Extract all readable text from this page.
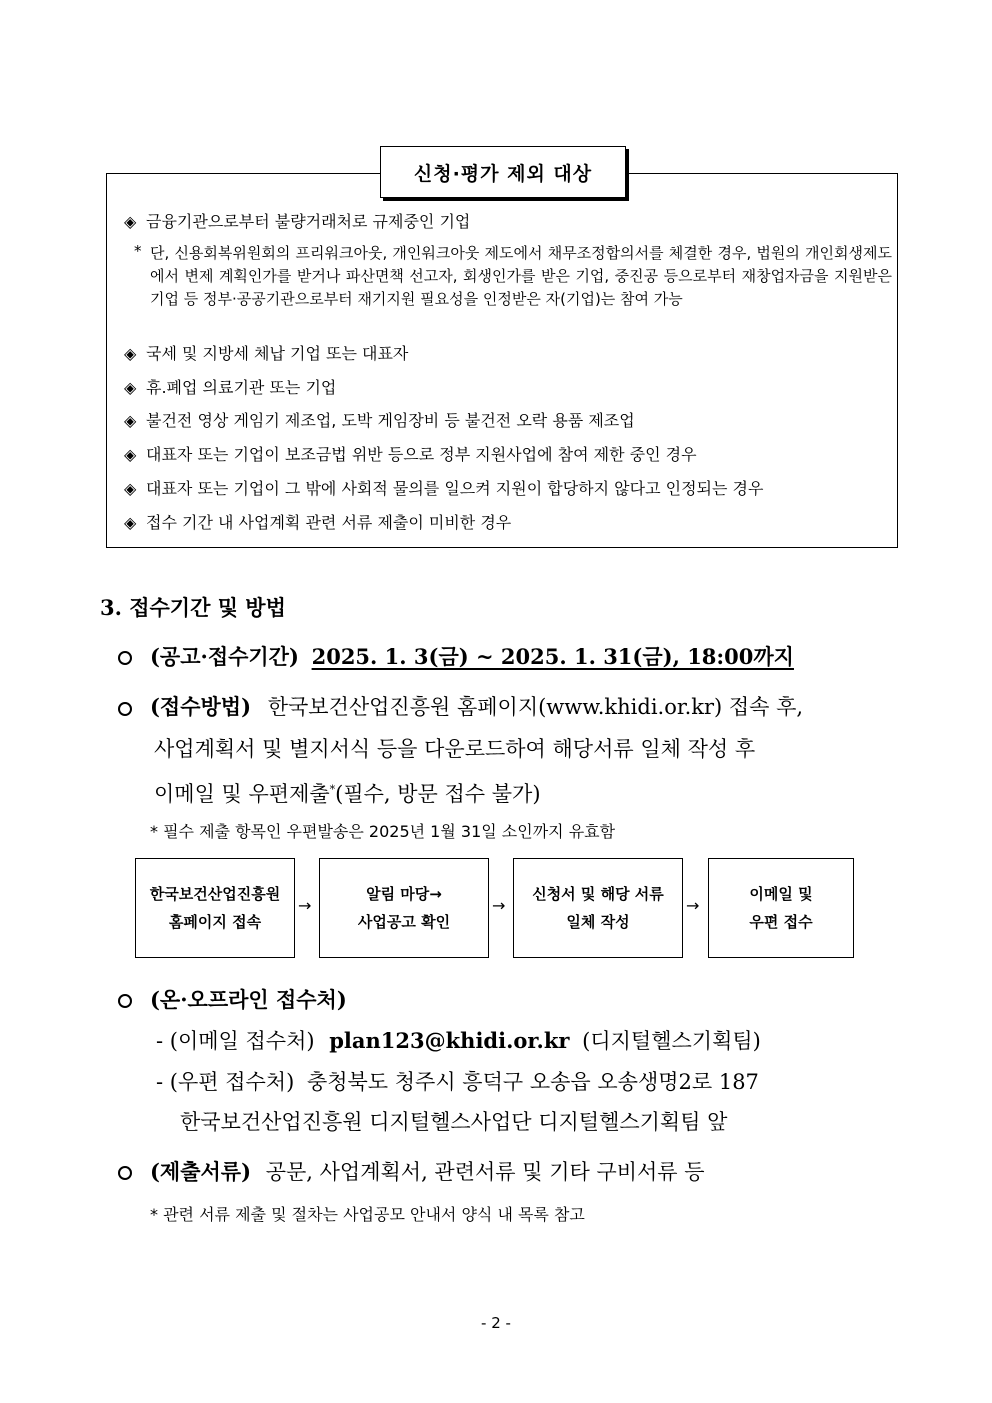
신청·평가 제외 대상
◈ 금융기관으로부터 불량거래처로 규제중인 기업
* 단, 신용회복위원회의 프리워크아웃, 개인워크아웃 제도에서 채무조정합의서를 체결한 경우, 법원의 개인회생제도에서 변제 계획인가를 받거나 파산면책 선고자, 회생인가를 받은 기업, 중진공 등으로부터 재창업자금을 지원받은 기업 등 정부·공공기관으로부터 재기지원 필요성을 인정받은 자(기업)는 참여 가능
◈ 국세 및 지방세 체납 기업 또는 대표자
◈ 휴.폐업 의료기관 또는 기업
◈ 불건전 영상 게임기 제조업, 도박 게임장비 등 불건전 오락 용품 제조업
◈ 대표자 또는 기업이 보조금법 위반 등으로 정부 지원사업에 참여 제한 중인 경우
◈ 대표자 또는 기업이 그 밖에 사회적 물의를 일으켜 지원이 합당하지 않다고 인정되는 경우
◈ 접수 기간 내 사업계획 관련 서류 제출이 미비한 경우
3. 접수기간 및 방법
(공고·접수기간) 2025. 1. 3(금) ~ 2025. 1. 31(금), 18:00까지
(접수방법) 한국보건산업진흥원 홈페이지(www.khidi.or.kr) 접속 후,
사업계획서 및 별지서식 등을 다운로드하여 해당서류 일체 작성 후
이메일 및 우편제출*(필수, 방문 접수 불가)
* 필수 제출 항목인 우편발송은 2025년 1월 31일 소인까지 유효함
한국보건산업진흥원
홈페이지 접속
→
알림 마당→
사업공고 확인
→
신청서 및 해당 서류
일체 작성
→
이메일 및
우편 접수
(온·오프라인 접수처)
- (이메일 접수처) plan123@khidi.or.kr (디지털헬스기획팀)
- (우편 접수처) 충청북도 청주시 흥덕구 오송읍 오송생명2로 187
한국보건산업진흥원 디지털헬스사업단 디지털헬스기획팀 앞
(제출서류) 공문, 사업계획서, 관련서류 및 기타 구비서류 등
* 관련 서류 제출 및 절차는 사업공모 안내서 양식 내 목록 참고
- 2 -
